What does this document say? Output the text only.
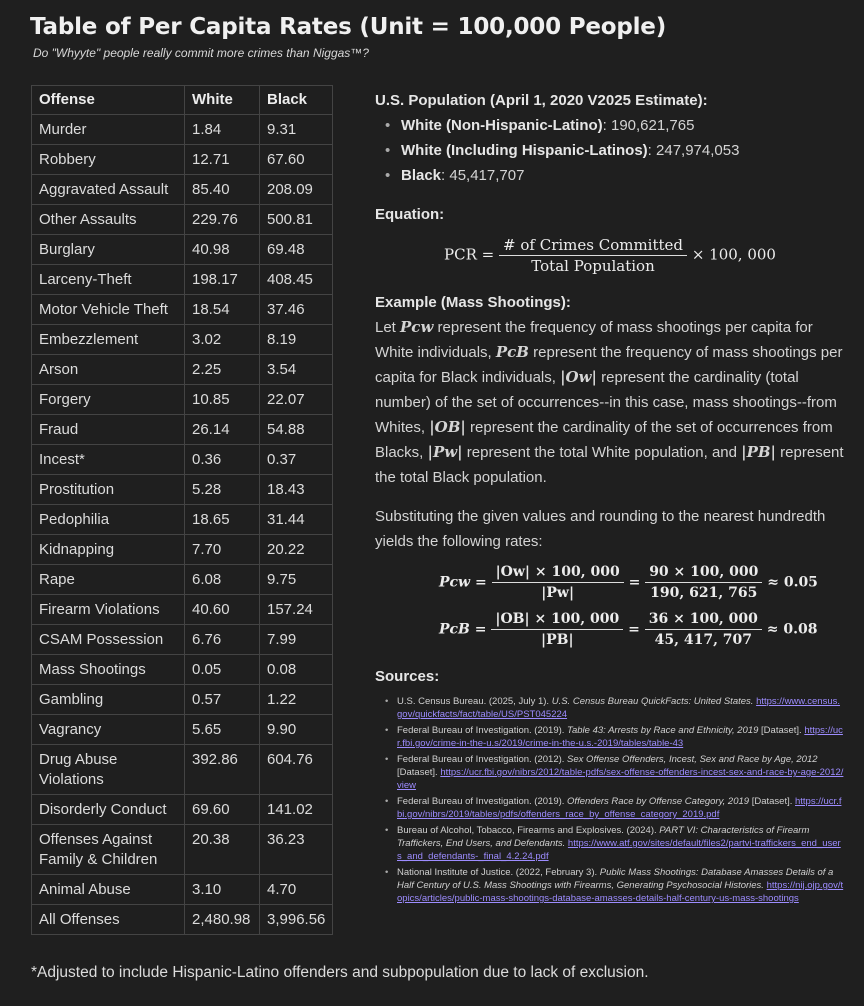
Table of Per Capita Rates (Unit = 100,000 People)
Do "Whyyte" people really commit more crimes than Niggas™?
Offense	White	Black
Murder	1.84	9.31
Robbery	12.71	67.60
Aggravated Assault	85.40	208.09
Other Assaults	229.76	500.81
Burglary	40.98	69.48
Larceny-Theft	198.17	408.45
Motor Vehicle Theft	18.54	37.46
Embezzlement	3.02	8.19
Arson	2.25	3.54
Forgery	10.85	22.07
Fraud	26.14	54.88
Incest*	0.36	0.37
Prostitution	5.28	18.43
Pedophilia	18.65	31.44
Kidnapping	7.70	20.22
Rape	6.08	9.75
Firearm Violations	40.60	157.24
CSAM Possession	6.76	7.99
Mass Shootings	0.05	0.08
Gambling	0.57	1.22
Vagrancy	5.65	9.90
Drug Abuse Violations	392.86	604.76
Disorderly Conduct	69.60	141.02
Offenses Against Family & Children	20.38	36.23
Animal Abuse	3.10	4.70
All Offenses	2,480.98	3,996.56
U.S. Population (April 1, 2020 V2025 Estimate):
• White (Non-Hispanic-Latino): 190,621,765
• White (Including Hispanic-Latinos): 247,974,053
• Black: 45,417,707
Equation:
PCR = $\frac{\text{\# of Crimes Committed}}{\text{Total Population}} \times 100$, 000
Example (Mass Shootings):
Let Pcw represent the frequency of mass shootings per capita for White individuals, PcB represent the frequency of mass shootings per capita for Black individuals, |Ow| represent the cardinality (total number) of the set of occurrences--in this case, mass shootings--from Whites, |OB| represent the cardinality of the set of occurrences from Blacks, |Pw| represent the total White population, and |PB| represent the total Black population.
Substituting the given values and rounding to the nearest hundredth yields the following rates:
Pcw = $\frac{|Ow| \times 100, 000}{|Pw|} = \frac{90 \times 100, 000}{190, 621, 765} \approx 0.05$
PcB = $\frac{|OB| \times 100, 000}{|PB|} = \frac{36 \times 100, 000}{45, 417, 707} \approx 0.08$
Sources:
• U.S. Census Bureau. (2025, July 1). U.S. Census Bureau QuickFacts: United States. https://www.census.gov/quickfacts/fact/table/US/PST045224
• Federal Bureau of Investigation. (2019). Table 43: Arrests by Race and Ethnicity, 2019 [Dataset]. https://ucr.fbi.gov/crime-in-the-u.s/2019/crime-in-the-u.s.-2019/tables/table-43
• Federal Bureau of Investigation. (2012). Sex Offense Offenders, Incest, Sex and Race by Age, 2012 [Dataset]. https://ucr.fbi.gov/nibrs/2012/table-pdfs/sex-offense-offenders-incest-sex-and-race-by-age-2012/view
• Federal Bureau of Investigation. (2019). Offenders Race by Offense Category, 2019 [Dataset]. https://ucr.fbi.gov/nibrs/2019/tables/pdfs/offenders_race_by_offense_category_2019.pdf
• Bureau of Alcohol, Tobacco, Firearms and Explosives. (2024). PART VI: Characteristics of Firearm Traffickers, End Users, and Defendants. https://www.atf.gov/sites/default/files2/partvi-traffickers_end_users_and_defendants-_final_4.2.24.pdf
• National Institute of Justice. (2022, February 3). Public Mass Shootings: Database Amasses Details of a Half Century of U.S. Mass Shootings with Firearms, Generating Psychosocial Histories. https://nij.ojp.gov/topics/articles/public-mass-shootings-database-amasses-details-half-century-us-mass-shootings
*Adjusted to include Hispanic-Latino offenders and subpopulation due to lack of exclusion.
